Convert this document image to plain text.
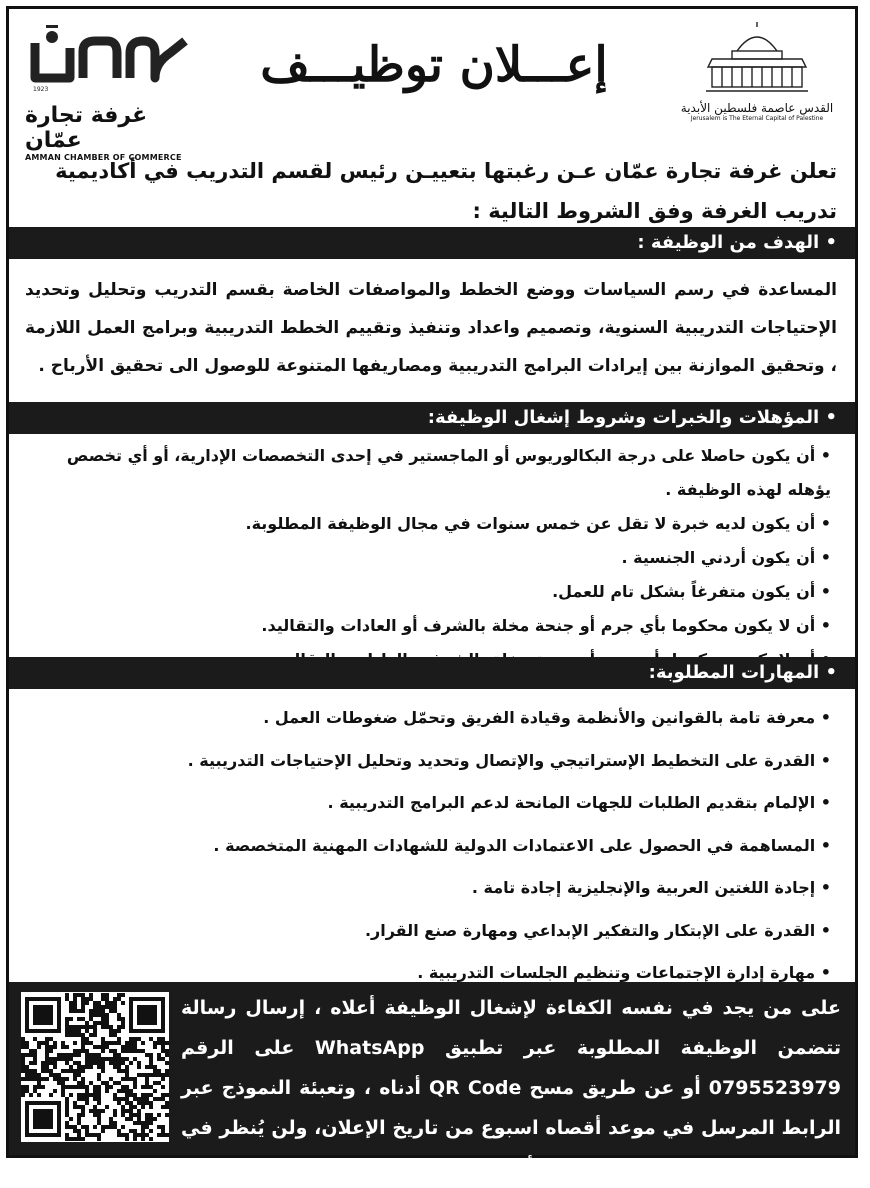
1923
غرفة تجارة عمّان
AMMAN CHAMBER OF COMMERCE
إعـــلان توظيـــف
القدس عاصمة فلسطين الأبدية
Jerusalem is The Eternal Capital of Palestine
تعلن غرفة تجارة عمّان عـن رغبتها بتعييـن رئيس لقسم التدريب في أكاديمية تدريب الغرفة وفق الشروط التالية :
• الهدف من الوظيفة :
المساعدة في رسم السياسات ووضع الخطط والمواصفات الخاصة بقسم التدريب وتحليل وتحديد الإحتياجات التدريبية السنوية، وتصميم واعداد وتنفيذ وتقييم الخطط التدريبية وبرامج العمل اللازمة ، وتحقيق الموازنة بين إيرادات البرامج التدريبية ومصاريفها المتنوعة للوصول الى تحقيق الأرباح .
• المؤهلات والخبرات وشروط إشغال الوظيفة:
• أن يكون حاصلا على درجة البكالوريوس أو الماجستير في إحدى التخصصات الإدارية، أو أي تخصص يؤهله لهذه الوظيفة .
• أن يكون لديه خبرة لا تقل عن خمس سنوات في مجال الوظيفة المطلوبة.
• أن يكون أردني الجنسية .
• أن يكون متفرغاً بشكل تام للعمل.
• أن لا يكون محكوما بأي جرم أو جنحة مخلة بالشرف أو العادات والتقاليد.
•
• المهارات المطلوبة:
• معرفة تامة بالقوانين والأنظمة وقيادة الفريق وتحمّل ضغوطات العمل .
• القدرة على التخطيط الإستراتيجي والإتصال وتحديد وتحليل الإحتياجات التدريبية .
• الإلمام بتقديم الطلبات للجهات المانحة لدعم البرامج التدريبية .
• المساهمة في الحصول على الاعتمادات الدولية للشهادات المهنية المتخصصة .
• إجادة اللغتين العربية والإنجليزية إجادة تامة .
• القدرة على الإبتكار والتفكير الإبداعي ومهارة صنع القرار.
• مهارة إدارة الإجتماعات وتنظيم الجلسات التدريبية .
على من يجد في نفسه الكفاءة لإشغال الوظيفة أعلاه ، إرسال رسالة تتضمن الوظيفة المطلوبة عبر تطبيق WhatsApp على الرقم 0795523979 أو عن طريق مسح QR Code أدناه ، وتعبئة النموذج عبر الرابط المرسل في موعد أقصاه اسبوع من تاريخ الإعلان، ولن يُنظر في الطلبات غير المستوفية للشروط أعلاه .
